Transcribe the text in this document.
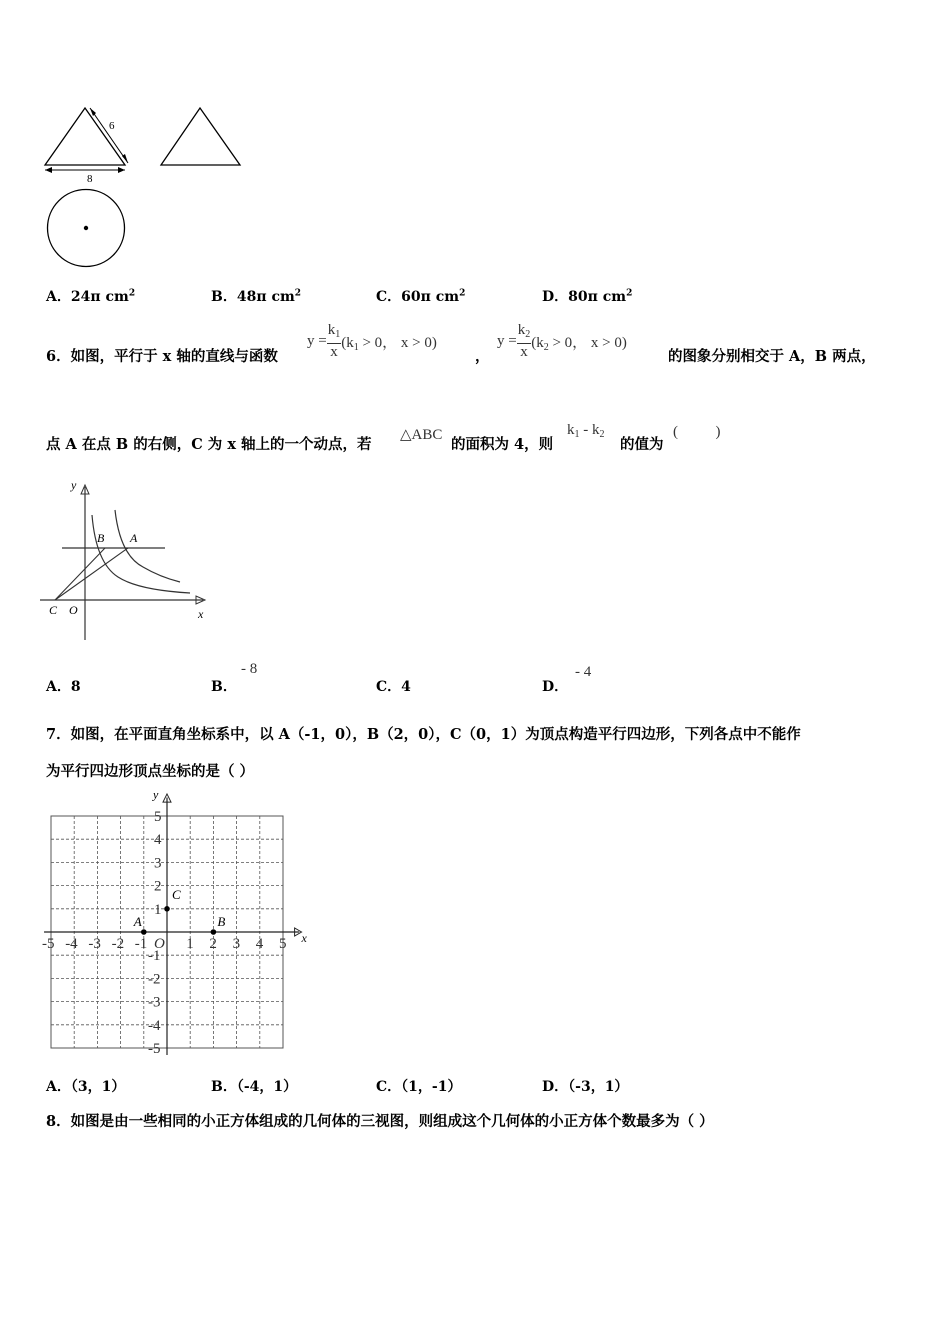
6
8
A．24π $cm^2$	B．48π $cm^2$	C．60π $cm^2$	D．80π $cm^2$
6．如图，平行于 x 轴的直线与函数
$y = \frac{k_1}{x} (k_1 > 0$， x > 0)
，
$y = \frac{k_2}{x} (k_2 > 0$， x > 0)
的图象分别相交于 A，B 两点，
点 A 在点 B 的右侧，C 为 x 轴上的一个动点，若
△ABC
的面积为 4，则
$k_1 - k_2$
的值为
(          )
y
x
B A
C O
A．8	B．
- 8
C．4	D．
- 4
7．如图，在平面直角坐标系中，以 A（-1，0），B（2，0），C（0，1）为顶点构造平行四边形，下列各点中不能作
为平行四边形顶点坐标的是（ ）
x
y
-5 -4 -3 -2 -1 O 1 2 3 4 5
5
4
3
2
1
-1
-2
-3
-4
-5
A	B
C
A．（3，1）	B．（-4，1）	C．（1，-1）	D．（-3，1）
8．如图是由一些相同的小正方体组成的几何体的三视图，则组成这个几何体的小正方体个数最多为（ ）
